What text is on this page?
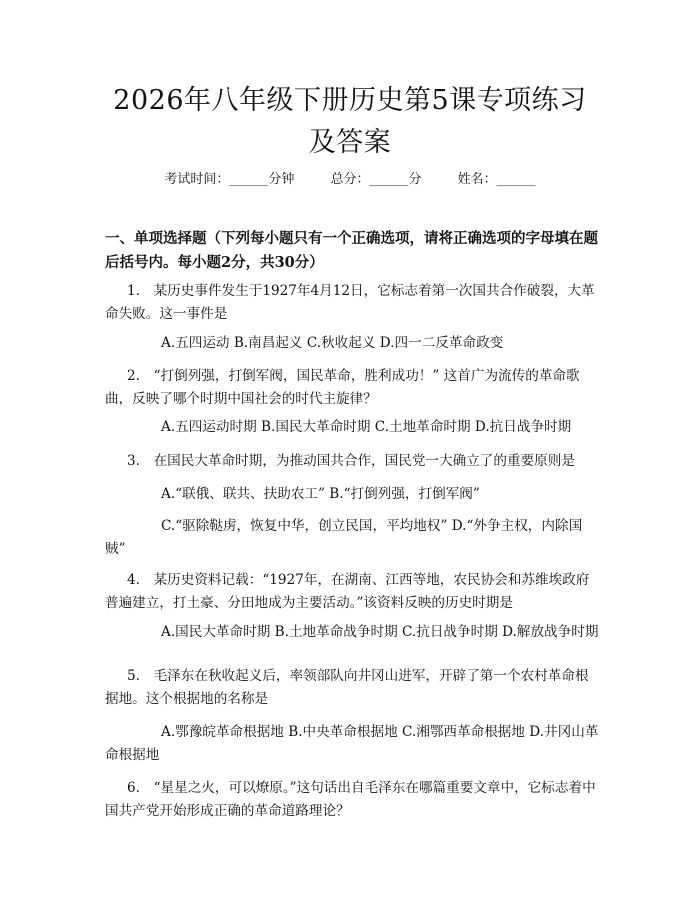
2026年八年级下册历史第5课专项练习及答案
考试时间：______分钟	总分：______分	姓名：______
一、单项选择题（下列每小题只有一个正确选项，请将正确选项的字母填在题后括号内。每小题2分，共30分）
1.　某历史事件发生于1927年4月12日，它标志着第一次国共合作破裂，大革命失败。这一事件是
A.五四运动 B.南昌起义 C.秋收起义 D.四一二反革命政变
2.　“打倒列强，打倒军阀，国民革命，胜利成功！” 这首广为流传的革命歌曲，反映了哪个时期中国社会的时代主旋律？
A.五四运动时期 B.国民大革命时期 C.土地革命时期 D.抗日战争时期
3.　在国民大革命时期，为推动国共合作，国民党一大确立了的重要原则是
A.“联俄、联共、扶助农工” B.“打倒列强，打倒军阀”
C.“驱除鞑虏，恢复中华，创立民国，平均地权” D.“外争主权，内除国贼”
4.　某历史资料记载：“1927年，在湖南、江西等地，农民协会和苏维埃政府普遍建立，打土豪、分田地成为主要活动。”该资料反映的历史时期是
A.国民大革命时期 B.土地革命战争时期 C.抗日战争时期 D.解放战争时期
5.　毛泽东在秋收起义后，率领部队向井冈山进军，开辟了第一个农村革命根据地。这个根据地的名称是
A.鄂豫皖革命根据地 B.中央革命根据地 C.湘鄂西革命根据地 D.井冈山革命根据地
6.　“星星之火，可以燎原。”这句话出自毛泽东在哪篇重要文章中，它标志着中国共产党开始形成正确的革命道路理论？
